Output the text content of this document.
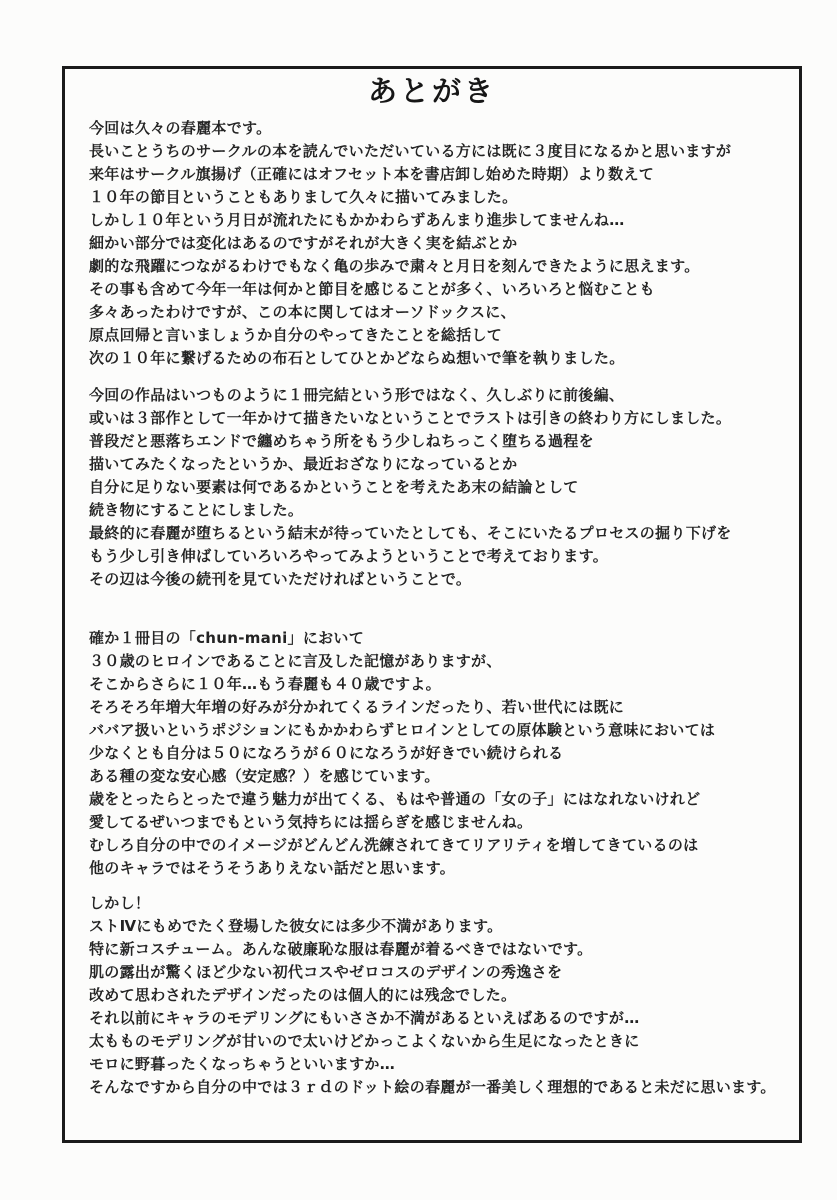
あとがき
今回は久々の春麗本です。
長いことうちのサークルの本を読んでいただいている方には既に３度目になるかと思いますが
来年はサークル旗揚げ（正確にはオフセット本を書店卸し始めた時期）より数えて
１０年の節目ということもありまして久々に描いてみました。
しかし１０年という月日が流れたにもかかわらずあんまり進歩してませんね…
細かい部分では変化はあるのですがそれが大きく実を結ぶとか
劇的な飛躍につながるわけでもなく亀の歩みで粛々と月日を刻んできたように思えます。
その事も含めて今年一年は何かと節目を感じることが多く、いろいろと悩むことも
多々あったわけですが、この本に関してはオーソドックスに、
原点回帰と言いましょうか自分のやってきたことを総括して
次の１０年に繋げるための布石としてひとかどならぬ想いで筆を執りました。
今回の作品はいつものように１冊完結という形ではなく、久しぶりに前後編、
或いは３部作として一年かけて描きたいなということでラストは引きの終わり方にしました。
普段だと悪落ちエンドで纏めちゃう所をもう少しねちっこく堕ちる過程を
描いてみたくなったというか、最近おざなりになっているとか
自分に足りない要素は何であるかということを考えたあ末の結論として
続き物にすることにしました。
最終的に春麗が堕ちるという結末が待っていたとしても、そこにいたるプロセスの掘り下げを
もう少し引き伸ばしていろいろやってみようということで考えております。
その辺は今後の続刊を見ていただければということで。
確か１冊目の「chun-mani」において
３０歳のヒロインであることに言及した記憶がありますが、
そこからさらに１０年…もう春麗も４０歳ですよ。
そろそろ年増大年増の好みが分かれてくるラインだったり、若い世代には既に
ババア扱いというポジションにもかかわらずヒロインとしての原体験という意味においては
少なくとも自分は５０になろうが６０になろうが好きでい続けられる
ある種の変な安心感（安定感？）を感じています。
歳をとったらとったで違う魅力が出てくる、もはや普通の「女の子」にはなれないけれど
愛してるぜいつまでもという気持ちには揺らぎを感じませんね。
むしろ自分の中でのイメージがどんどん洗練されてきてリアリティを増してきているのは
他のキャラではそうそうありえない話だと思います。
しかし！
ストⅣにもめでたく登場した彼女には多少不満があります。
特に新コスチューム。あんな破廉恥な服は春麗が着るべきではないです。
肌の露出が驚くほど少ない初代コスやゼロコスのデザインの秀逸さを
改めて思わされたデザインだったのは個人的には残念でした。
それ以前にキャラのモデリングにもいささか不満があるといえばあるのですが…
太もものモデリングが甘いので太いけどかっこよくないから生足になったときに
モロに野暮ったくなっちゃうといいますか…
そんなですから自分の中では３ｒｄのドット絵の春麗が一番美しく理想的であると未だに思います。
